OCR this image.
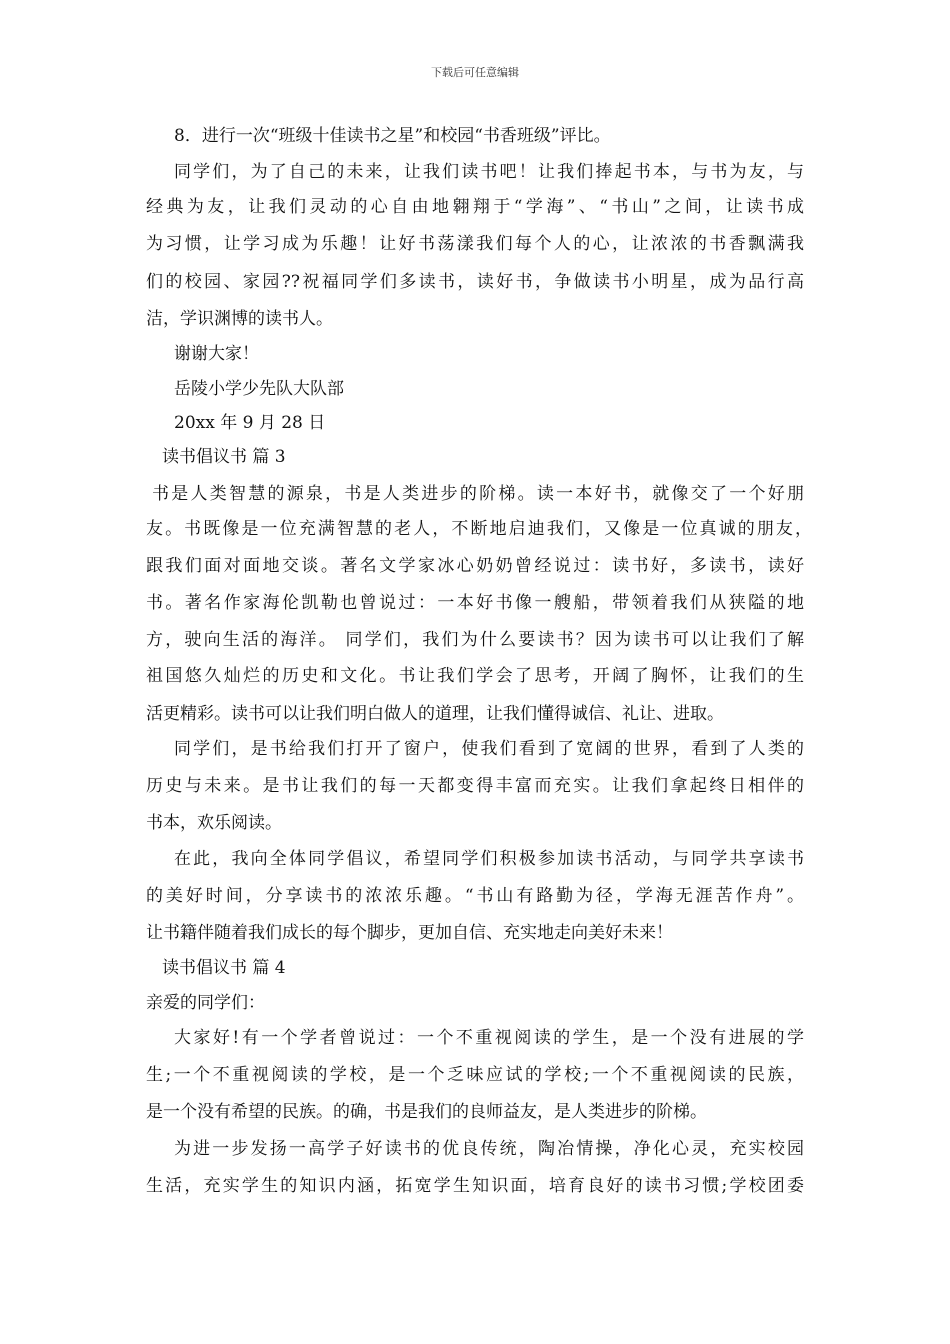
下载后可任意编辑
8．进行一次“班级十佳读书之星”和校园“书香班级”评比。
同学们，为了自己的未来，让我们读书吧！让我们捧起书本，与书为友，与
经典为友，让我们灵动的心自由地翱翔于“学海”、“书山”之间，让读书成
为习惯，让学习成为乐趣！让好书荡漾我们每个人的心，让浓浓的书香飘满我
们的校园、家园??祝福同学们多读书，读好书，争做读书小明星，成为品行高
洁，学识渊博的读书人。
谢谢大家！
岳陵小学少先队大队部
20xx 年 9 月 28 日
读书倡议书 篇 3
书是人类智慧的源泉，书是人类进步的阶梯。读一本好书，就像交了一个好朋
友。书既像是一位充满智慧的老人，不断地启迪我们，又像是一位真诚的朋友，
跟我们面对面地交谈。著名文学家冰心奶奶曾经说过：读书好，多读书，读好
书。著名作家海伦凯勒也曾说过：一本好书像一艘船，带领着我们从狭隘的地
方，驶向生活的海洋。 同学们，我们为什么要读书？因为读书可以让我们了解
祖国悠久灿烂的历史和文化。书让我们学会了思考，开阔了胸怀，让我们的生
活更精彩。读书可以让我们明白做人的道理，让我们懂得诚信、礼让、进取。
同学们，是书给我们打开了窗户，使我们看到了宽阔的世界，看到了人类的
历史与未来。是书让我们的每一天都变得丰富而充实。让我们拿起终日相伴的
书本，欢乐阅读。
在此，我向全体同学倡议，希望同学们积极参加读书活动，与同学共享读书
的美好时间，分享读书的浓浓乐趣。“书山有路勤为径，学海无涯苦作舟”。
让书籍伴随着我们成长的每个脚步，更加自信、充实地走向美好未来！
读书倡议书 篇 4
亲爱的同学们：
大家好!有一个学者曾说过：一个不重视阅读的学生，是一个没有进展的学
生;一个不重视阅读的学校，是一个乏味应试的学校;一个不重视阅读的民族，
是一个没有希望的民族。的确，书是我们的良师益友，是人类进步的阶梯。
为进一步发扬一高学子好读书的优良传统，陶冶情操，净化心灵，充实校园
生活，充实学生的知识内涵，拓宽学生知识面，培育良好的读书习惯;学校团委
